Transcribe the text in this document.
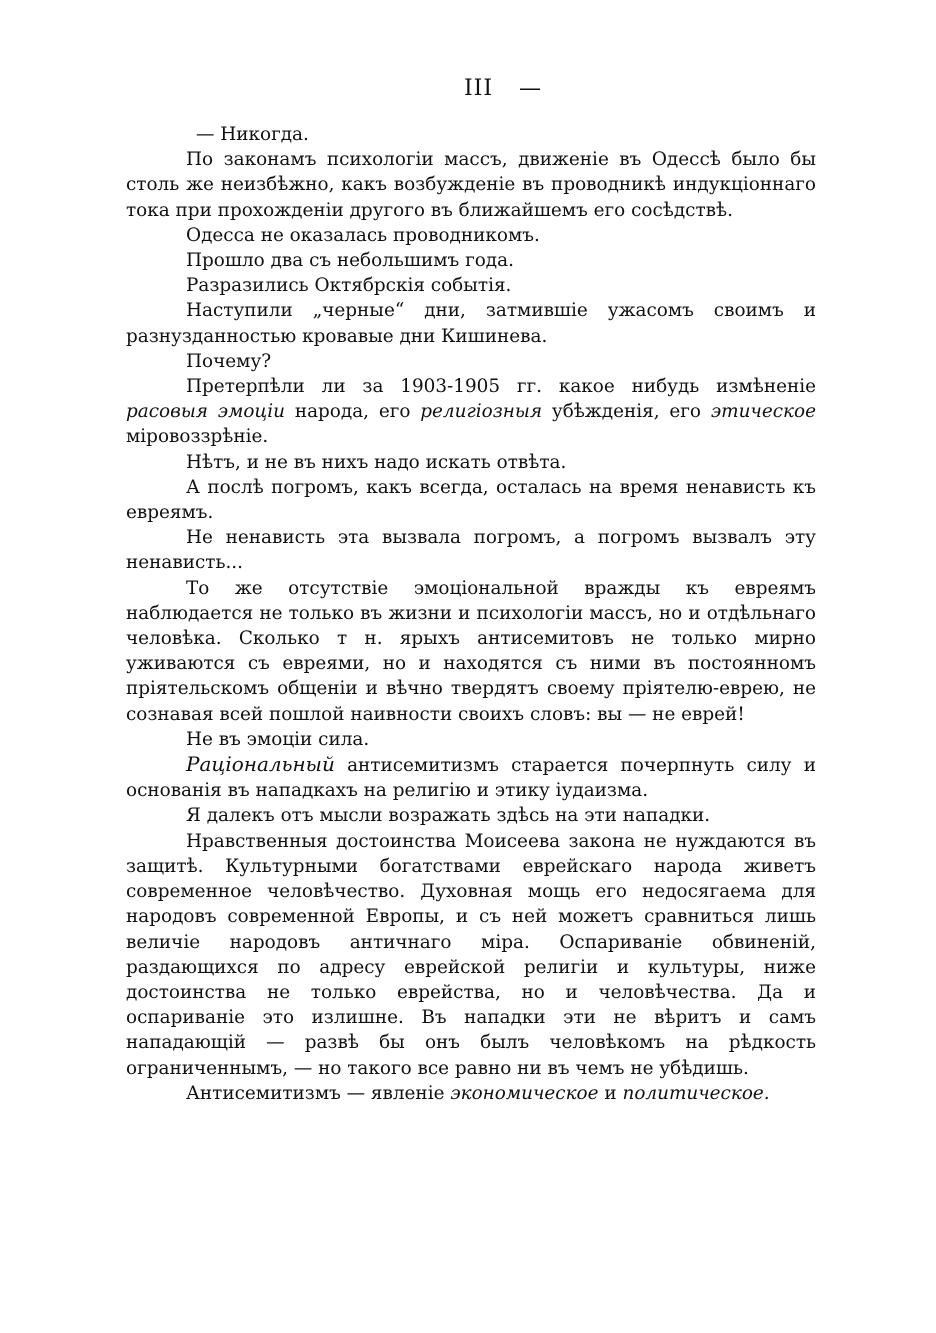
III —

— Никогда.

По законамъ психологіи массъ, движеніе въ Одессѣ было бы столь же неизбѣжно, какъ возбужденіе въ проводникѣ индукціоннаго тока при прохожденіи другого въ ближайшемъ его сосѣдствѣ.

Одесса не оказалась проводникомъ.

Прошло два съ небольшимъ года.

Разразились Октябрскія событія.

Наступили „черные“ дни, затмившіе ужасомъ своимъ и разнузданностью кровавые дни Кишинева.

Почему?

Претерпѣли ли за 1903-1905 гг. какое нибудь измѣненіе расовыя эмоціи народа, его религіозныя убѣжденія, его этическое міровоззрѣніе.

Нѣтъ, и не въ нихъ надо искать отвѣта.

А послѣ погромъ, какъ всегда, осталась на время ненависть къ евреямъ.

Не ненависть эта вызвала погромъ, а погромъ вызвалъ эту ненависть...

То же отсутствіе эмоціональной вражды къ евреямъ наблюдается не только въ жизни и психологіи массъ, но и отдѣльнаго человѣка. Сколько т н. ярыхъ антисемитовъ не только мирно уживаются съ евреями, но и находятся съ ними въ постоянномъ пріятельскомъ общеніи и вѣчно твердятъ своему пріятелю-еврею, не сознавая всей пошлой наивности своихъ словъ: вы — не еврей!

Не въ эмоціи сила.

Раціональный антисемитизмъ старается почерпнуть силу и основанія въ нападкахъ на религію и этику іудаизма.

Я далекъ отъ мысли возражать здѣсь на эти нападки.

Нравственныя достоинства Моисеева закона не нуждаются въ защитѣ. Культурными богатствами еврейскаго народа живетъ современное человѣчество. Духовная мощь его недосягаема для народовъ современной Европы, и съ ней можетъ сравниться лишь величіе народовъ античнаго міра. Оспариваніе обвиненій, раздающихся по адресу еврейской религіи и культуры, ниже достоинства не только еврейства, но и человѣчества. Да и оспариваніе это излишне. Въ нападки эти не вѣритъ и самъ нападающій — развѣ бы онъ былъ человѣкомъ на рѣдкость ограниченнымъ, — но такого все равно ни въ чемъ не убѣдишь.

Антисемитизмъ — явленіе экономическое и политическое.
